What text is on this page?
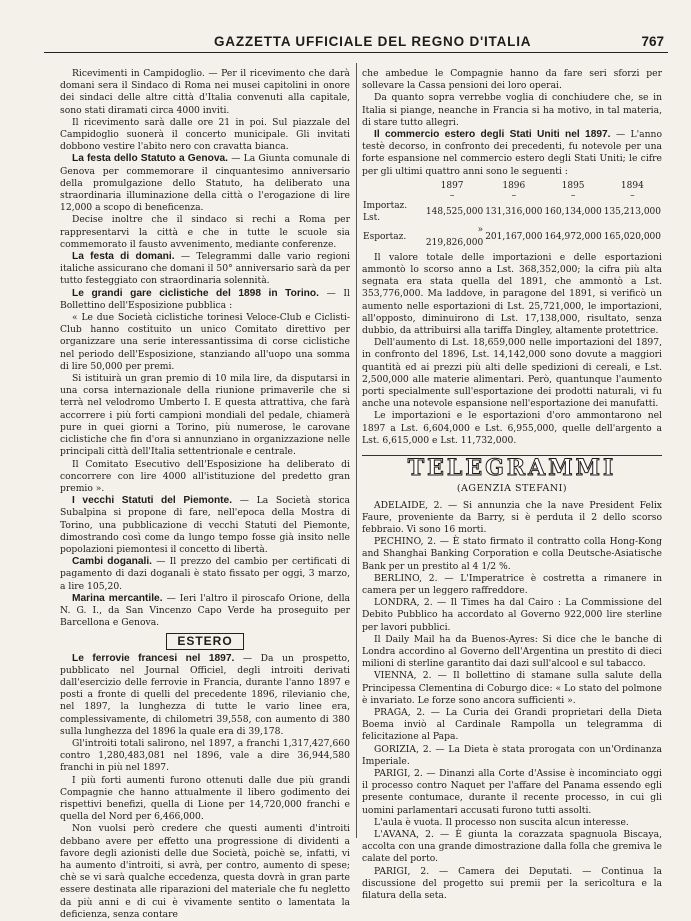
GAZZETTA UFFICIALE DEL REGNO D'ITALIA	767

Ricevimenti in Campidoglio. — Per il ricevimento che darà domani sera il Sindaco di Roma nei musei capitolini in onore dei sindaci delle altre città d'Italia convenuti alla capitale, sono stati diramati circa 4000 inviti.

Il ricevimento sarà dalle ore 21 in poi. Sul piazzale del Campidoglio suonerà il concerto municipale. Gli invitati dobbono vestire l'abito nero con cravatta bianca.

La festa dello Statuto a Genova. — La Giunta comunale di Genova per commemorare il cinquantesimo anniversario della promulgazione dello Statuto, ha deliberato una straordinaria illuminazione della città o l'erogazione di lire 12,000 a scopo di beneficenza.

Decise inoltre che il sindaco si rechi a Roma per rappresentarvi la città e che in tutte le scuole sia commemorato il fausto avvenimento, mediante conferenze.

La festa di domani. — Telegrammi dalle vario regioni italiche assicurano che domani il 50° anniversario sarà da per tutto festeggiato con straordinaria solennità.

Le grandi gare ciclistiche del 1898 in Torino. — Il Bollettino dell'Esposizione pubblica :

« Le due Società ciclistiche torinesi Veloce-Club e Ciclisti-Club hanno costituito un unico Comitato direttivo per organizzare una serie interessantissima di corse ciclistiche nel periodo dell'Esposizione, stanziando all'uopo una somma di lire 50,000 per premi.

Si istituirà un gran premio di 10 mila lire, da disputarsi in una corsa internazionale della riunione primaverile che si terrà nel velodromo Umberto I. E questa attrattiva, che farà accorrere i più forti campioni mondiali del pedale, chiamerà pure in quei giorni a Torino, più numerose, le carovane ciclistiche che fin d'ora si annunziano in organizzazione nelle principali città dell'Italia settentrionale e centrale.

Il Comitato Esecutivo dell'Esposizione ha deliberato di concorrere con lire 4000 all'istituzione del predetto gran premio ».

I vecchi Statuti del Piemonte. — La Società storica Subalpina si propone di fare, nell'epoca della Mostra di Torino, una pubblicazione di vecchi Statuti del Piemonte, dimostrando così come da lungo tempo fosse già insito nelle popolazioni piemontesi il concetto di libertà.

Cambi doganali. — Il prezzo del cambio per certificati di pagamento di dazi doganali è stato fissato per oggi, 3 marzo, a lire 105,20.

Marina mercantile. — Ieri l'altro il piroscafo Orione, della N. G. I., da San Vincenzo Capo Verde ha proseguito per Barcellona e Genova.

ESTERO

Le ferrovie francesi nel 1897. — Da un prospetto, pubblicato nel Journal Officiel, degli introiti derivati dall'esercizio delle ferrovie in Francia, durante l'anno 1897 e posti a fronte di quelli del precedente 1896, rilevianio che, nel 1897, la lunghezza di tutte le vario linee era, complessivamente, di chilometri 39,558, con aumento di 380 sulla lunghezza del 1896 la quale era di 39,178.

Gl'introiti totali salirono, nel 1897, a franchi 1,317,427,660 contro 1,280,483,081 nel 1896, vale a dire 36,944,580 franchi in più nel 1897.

I più forti aumenti furono ottenuti dalle due più grandi Compagnie che hanno attualmente il libero godimento dei rispettivi benefizi, quella di Lione per 14,720,000 franchi e quella del Nord per 6,466,000.

Non vuolsi però credere che questi aumenti d'introiti debbano avere per effetto una progressione di dividenti a favore degli azionisti delle due Società, poichè se, infatti, vi ha aumento d'introiti, si avrà, per contro, aumento di spese; chè se vi sarà qualche eccedenza, questa dovrà in gran parte essere destinata alle riparazioni del materiale che fu negletto da più anni e di cui è vivamente sentito o lamentata la deficienza, senza contare

che ambedue le Compagnie hanno da fare seri sforzi per sollevare la Cassa pensioni dei loro operai.

Da quanto sopra verrebbe voglia di conchiudere che, se in Italia si piange, neanche in Francia si ha motivo, in tal materia, di stare tutto allegri.

Il commercio estero degli Stati Uniti nel 1897. — L'anno testè decorso, in confronto dei precedenti, fu notevole per una forte espansione nel commercio estero degli Stati Uniti; le cifre per gli ultimi quattro anni sono le seguenti :

	1897	1896	1895	1894
	–	–	–	–
Importaz. Lst.	148,525,000	131,316,000	160,134,000	135,213,000
Esportaz.	» 219,826,000	201,167,000	164,972,000	165,020,000

Il valore totale delle importazioni e delle esportazioni ammontò lo scorso anno a Lst. 368,352,000; la cifra più alta segnata era stata quella del 1891, che ammontò a Lst. 353,776,000. Ma laddove, in paragone del 1891, si verificò un aumento nelle esportazioni di Lst. 25,721,000, le importazioni, all'opposto, diminuirono di Lst. 17,138,000, risultato, senza dubbio, da attribuirsi alla tariffa Dingley, altamente protettrice.

Dell'aumento di Lst. 18,659,000 nelle importazioni del 1897, in confronto del 1896, Lst. 14,142,000 sono dovute a maggiori quantità ed ai prezzi più alti delle spedizioni di cereali, e Lst. 2,500,000 alle materie alimentari. Però, quantunque l'aumento porti specialmente sull'esportazione dei prodotti naturali, vi fu anche una notevole espansione nell'esportazione dei manufatti.

Le importazioni e le esportazioni d'oro ammontarono nel 1897 a Lst. 6,604,000 e Lst. 6,955,000, quelle dell'argento a Lst. 6,615,000 e Lst. 11,732,000.

TELEGRAMMI
(AGENZIA STEFANI)

ADELAIDE, 2. — Si annunzia che la nave President Felix Faure, proveniente da Barry, si è perduta il 2 dello scorso febbraio. Vi sono 16 morti.

PECHINO, 2. — È stato firmato il contratto colla Hong-Kong and Shanghai Banking Corporation e colla Deutsche-Asiatische Bank per un prestito al 4 1/2 %.

BERLINO, 2. — L'Imperatrice è costretta a rimanere in camera per un leggero raffreddore.

LONDRA, 2. — Il Times ha dal Cairo : La Commissione del Debito Pubblico ha accordato al Governo 922,000 lire sterline per lavori pubblici.

Il Daily Mail ha da Buenos-Ayres: Si dice che le banche di Londra accordino al Governo dell'Argentina un prestito di dieci milioni di sterline garantito dai dazi sull'alcool e sul tabacco.

VIENNA, 2. — Il bollettino di stamane sulla salute della Principessa Clementina di Coburgo dice: « Lo stato del polmone è invariato. Le forze sono ancora sufficienti ».

PRAGA, 2. — La Curia dei Grandi proprietari della Dieta Boema inviò al Cardinale Rampolla un telegramma di felicitazione al Papa.

GORIZIA, 2. — La Dieta è stata prorogata con un'Ordinanza Imperiale.

PARIGI, 2. — Dinanzi alla Corte d'Assise è incominciato oggi il processo contro Naquet per l'affare del Panama essendo egli presente contumace, durante il recente processo, in cui gli uomini parlamentari accusati furono tutti assolti.

L'aula è vuota. Il processo non suscita alcun interesse.

L'AVANA, 2. — È giunta la corazzata spagnuola Biscaya, accolta con una grande dimostrazione dalla folla che gremiva le calate del porto.

PARIGI, 2. — Camera dei Deputati. — Continua la discussione del progetto sui premii per la sericoltura e la filatura della seta.
